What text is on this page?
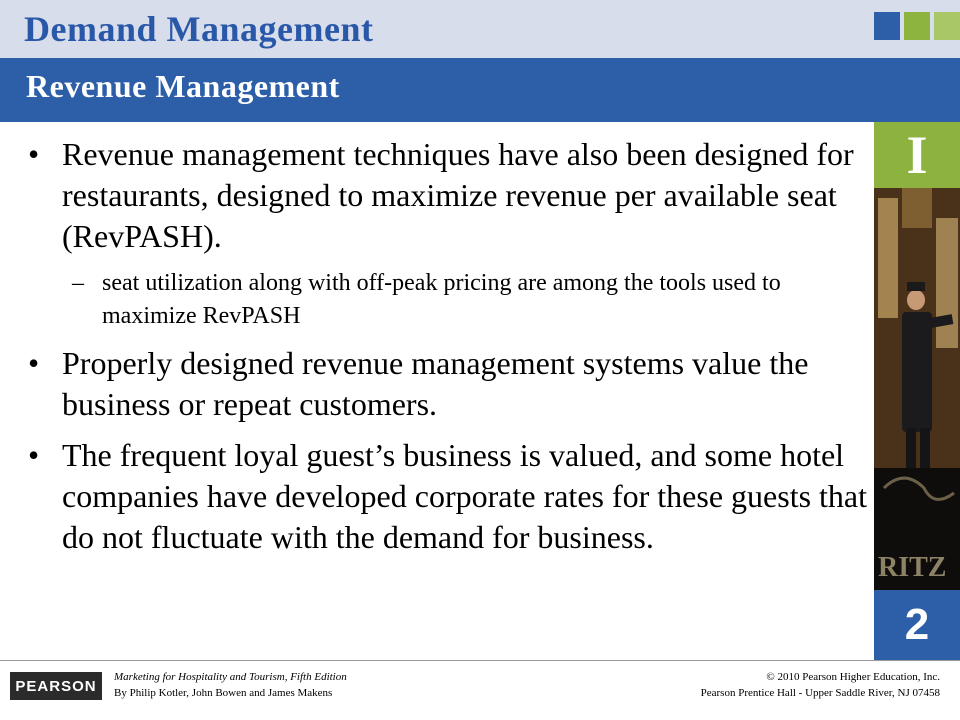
Demand Management
Revenue Management
I
RITZ
2
• Revenue management techniques have also been designed for restaurants, designed to maximize revenue per available seat (RevPASH).
– seat utilization along with off-peak pricing are among the tools used to maximize RevPASH
• Properly designed revenue management systems value the business or repeat customers.
• The frequent loyal guest’s business is valued, and some hotel companies have developed corporate rates for these guests that do not fluctuate with the demand for business.
PEARSON
Marketing for Hospitality and Tourism, Fifth Edition
By Philip Kotler, John Bowen and James Makens
© 2010 Pearson Higher Education, Inc.
Pearson Prentice Hall - Upper Saddle River, NJ 07458
